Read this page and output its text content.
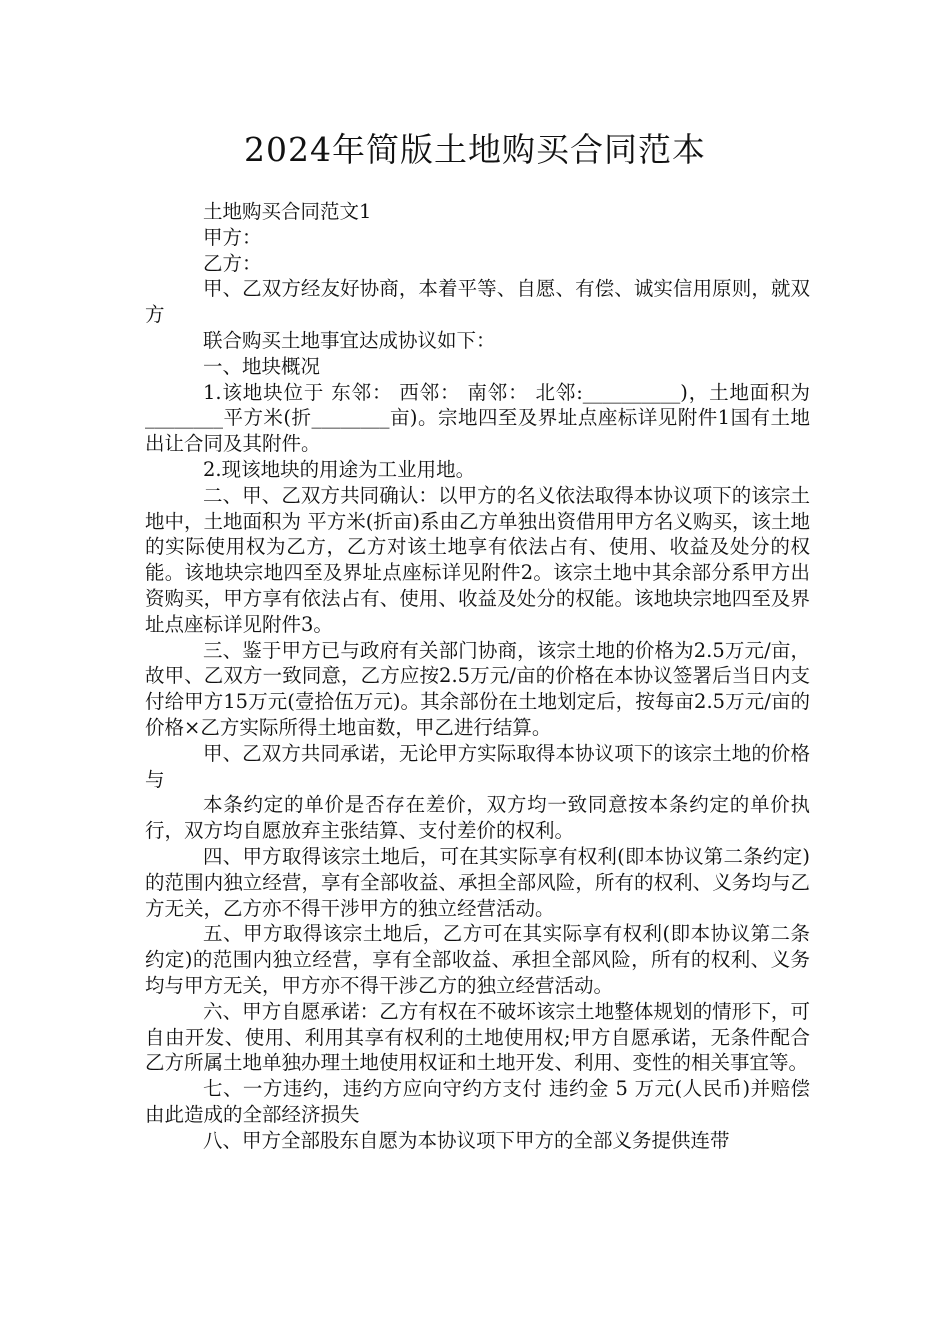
2024年简版土地购买合同范本

土地购买合同范文1

甲方：

乙方：

甲、乙双方经友好协商，本着平等、自愿、有偿、诚实信用原则，就双方

联合购买土地事宜达成协议如下：

一、地块概况

1.该地块位于 东邻： 西邻： 南邻： 北邻:__________)，土地面积为________平方米(折________亩)。宗地四至及界址点座标详见附件1国有土地出让合同及其附件。

2.现该地块的用途为工业用地。

二、甲、乙双方共同确认：以甲方的名义依法取得本协议项下的该宗土地中，土地面积为 平方米(折亩)系由乙方单独出资借用甲方名义购买，该土地的实际使用权为乙方，乙方对该土地享有依法占有、使用、收益及处分的权能。该地块宗地四至及界址点座标详见附件2。该宗土地中其余部分系甲方出资购买，甲方享有依法占有、使用、收益及处分的权能。该地块宗地四至及界址点座标详见附件3。

三、鉴于甲方已与政府有关部门协商，该宗土地的价格为2.5万元/亩，故甲、乙双方一致同意，乙方应按2.5万元/亩的价格在本协议签署后当日内支付给甲方15万元(壹拾伍万元)。其余部份在土地划定后，按每亩2.5万元/亩的价格×乙方实际所得土地亩数，甲乙进行结算。

甲、乙双方共同承诺，无论甲方实际取得本协议项下的该宗土地的价格与

本条约定的单价是否存在差价，双方均一致同意按本条约定的单价执行，双方均自愿放弃主张结算、支付差价的权利。

四、甲方取得该宗土地后，可在其实际享有权利(即本协议第二条约定)的范围内独立经营，享有全部收益、承担全部风险，所有的权利、义务均与乙方无关，乙方亦不得干涉甲方的独立经营活动。

五、甲方取得该宗土地后，乙方可在其实际享有权利(即本协议第二条约定)的范围内独立经营，享有全部收益、承担全部风险，所有的权利、义务均与甲方无关，甲方亦不得干涉乙方的独立经营活动。

六、甲方自愿承诺：乙方有权在不破坏该宗土地整体规划的情形下，可自由开发、使用、利用其享有权利的土地使用权;甲方自愿承诺，无条件配合乙方所属土地单独办理土地使用权证和土地开发、利用、变性的相关事宜等。

七、一方违约，违约方应向守约方支付 违约金 5 万元(人民币)并赔偿由此造成的全部经济损失

八、甲方全部股东自愿为本协议项下甲方的全部义务提供连带
